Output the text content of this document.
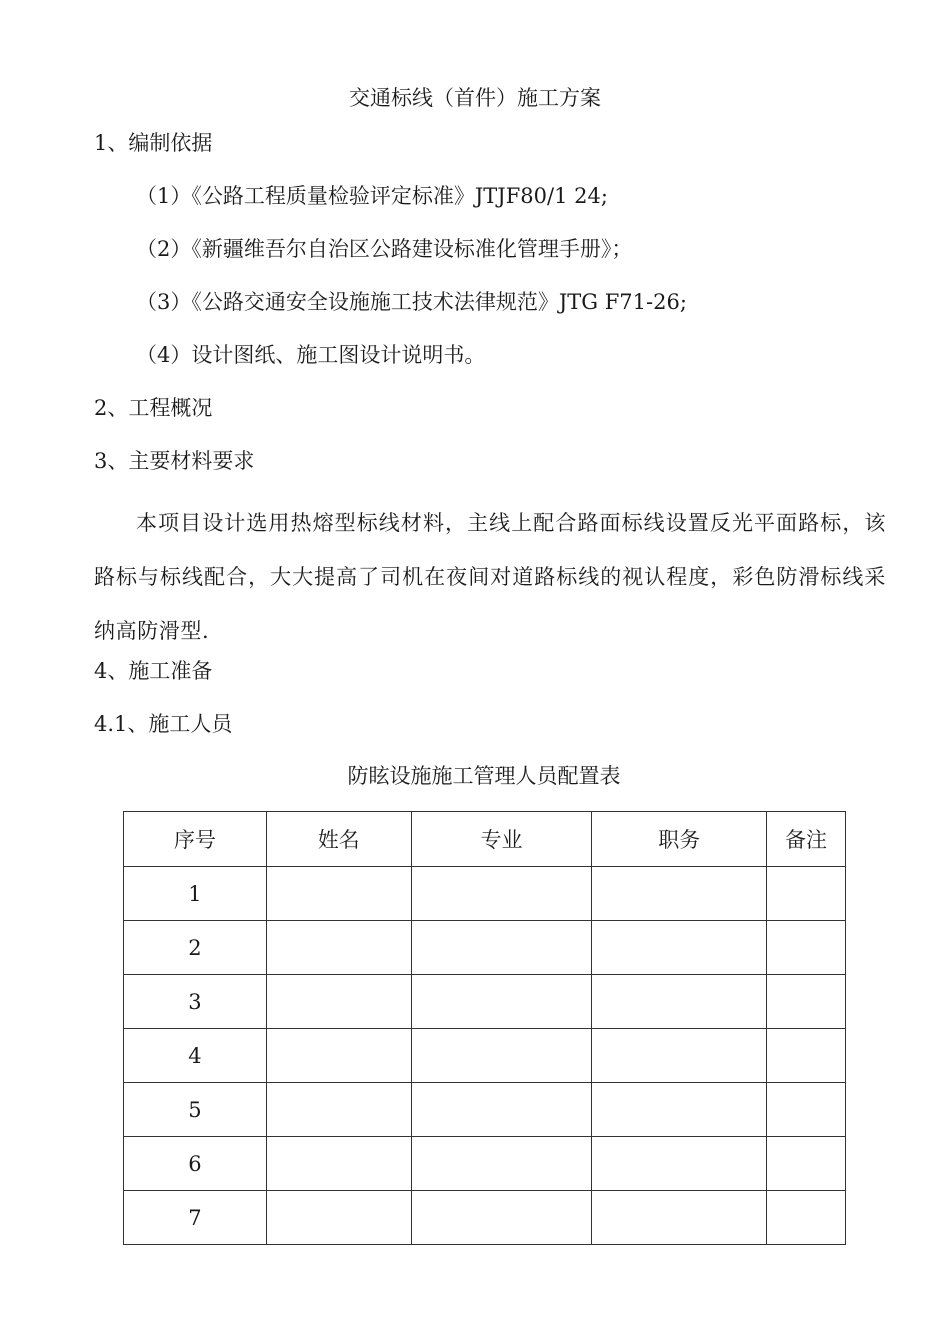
交通标线（首件）施工方案
1、编制依据
（1）《公路工程质量检验评定标准》JTJF80/1 24;
（2）《新疆维吾尔自治区公路建设标准化管理手册》；
（3）《公路交通安全设施施工技术法律规范》JTG F71-26;
（4）设计图纸、施工图设计说明书。
2、工程概况
3、主要材料要求
本项目设计选用热熔型标线材料，主线上配合路面标线设置反光平面路标，该路标与标线配合，大大提高了司机在夜间对道路标线的视认程度，彩色防滑标线采纳高防滑型.
4、施工准备
4.1、施工人员
防眩设施施工管理人员配置表
序号	姓名	专业	职务	备注
1				
2				
3				
4				
5				
6				
7				
